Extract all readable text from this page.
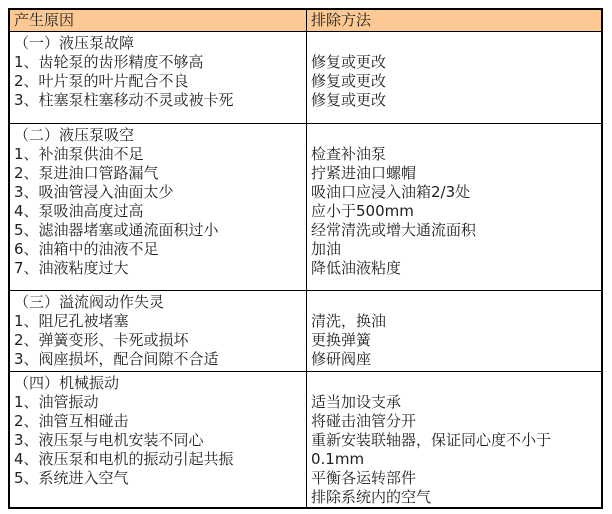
产生原因	排除方法
（一）液压泵故障
1、齿轮泵的齿形精度不够高
2、叶片泵的叶片配合不良
3、柱塞泵柱塞移动不灵或被卡死
修复或更改
修复或更改
修复或更改
（二）液压泵吸空
1、补油泵供油不足
2、泵进油口管路漏气
3、吸油管浸入油面太少
4、泵吸油高度过高
5、滤油器堵塞或通流面积过小
6、油箱中的油液不足
7、油液粘度过大
检查补油泵
拧紧进油口螺帽
吸油口应浸入油箱2/3处
应小于500mm
经常清洗或增大通流面积
加油
降低油液粘度
（三）溢流阀动作失灵
1、阻尼孔被堵塞
2、弹簧变形、卡死或损坏
3、阀座损坏，配合间隙不合适
清洗，换油
更换弹簧
修研阀座
（四）机械振动
1、油管振动
2、油管互相碰击
3、液压泵与电机安装不同心
4、液压泵和电机的振动引起共振
5、系统进入空气
适当加设支承
将碰击油管分开
重新安装联轴器，保证同心度不小于
0.1mm
平衡各运转部件
排除系统内的空气
